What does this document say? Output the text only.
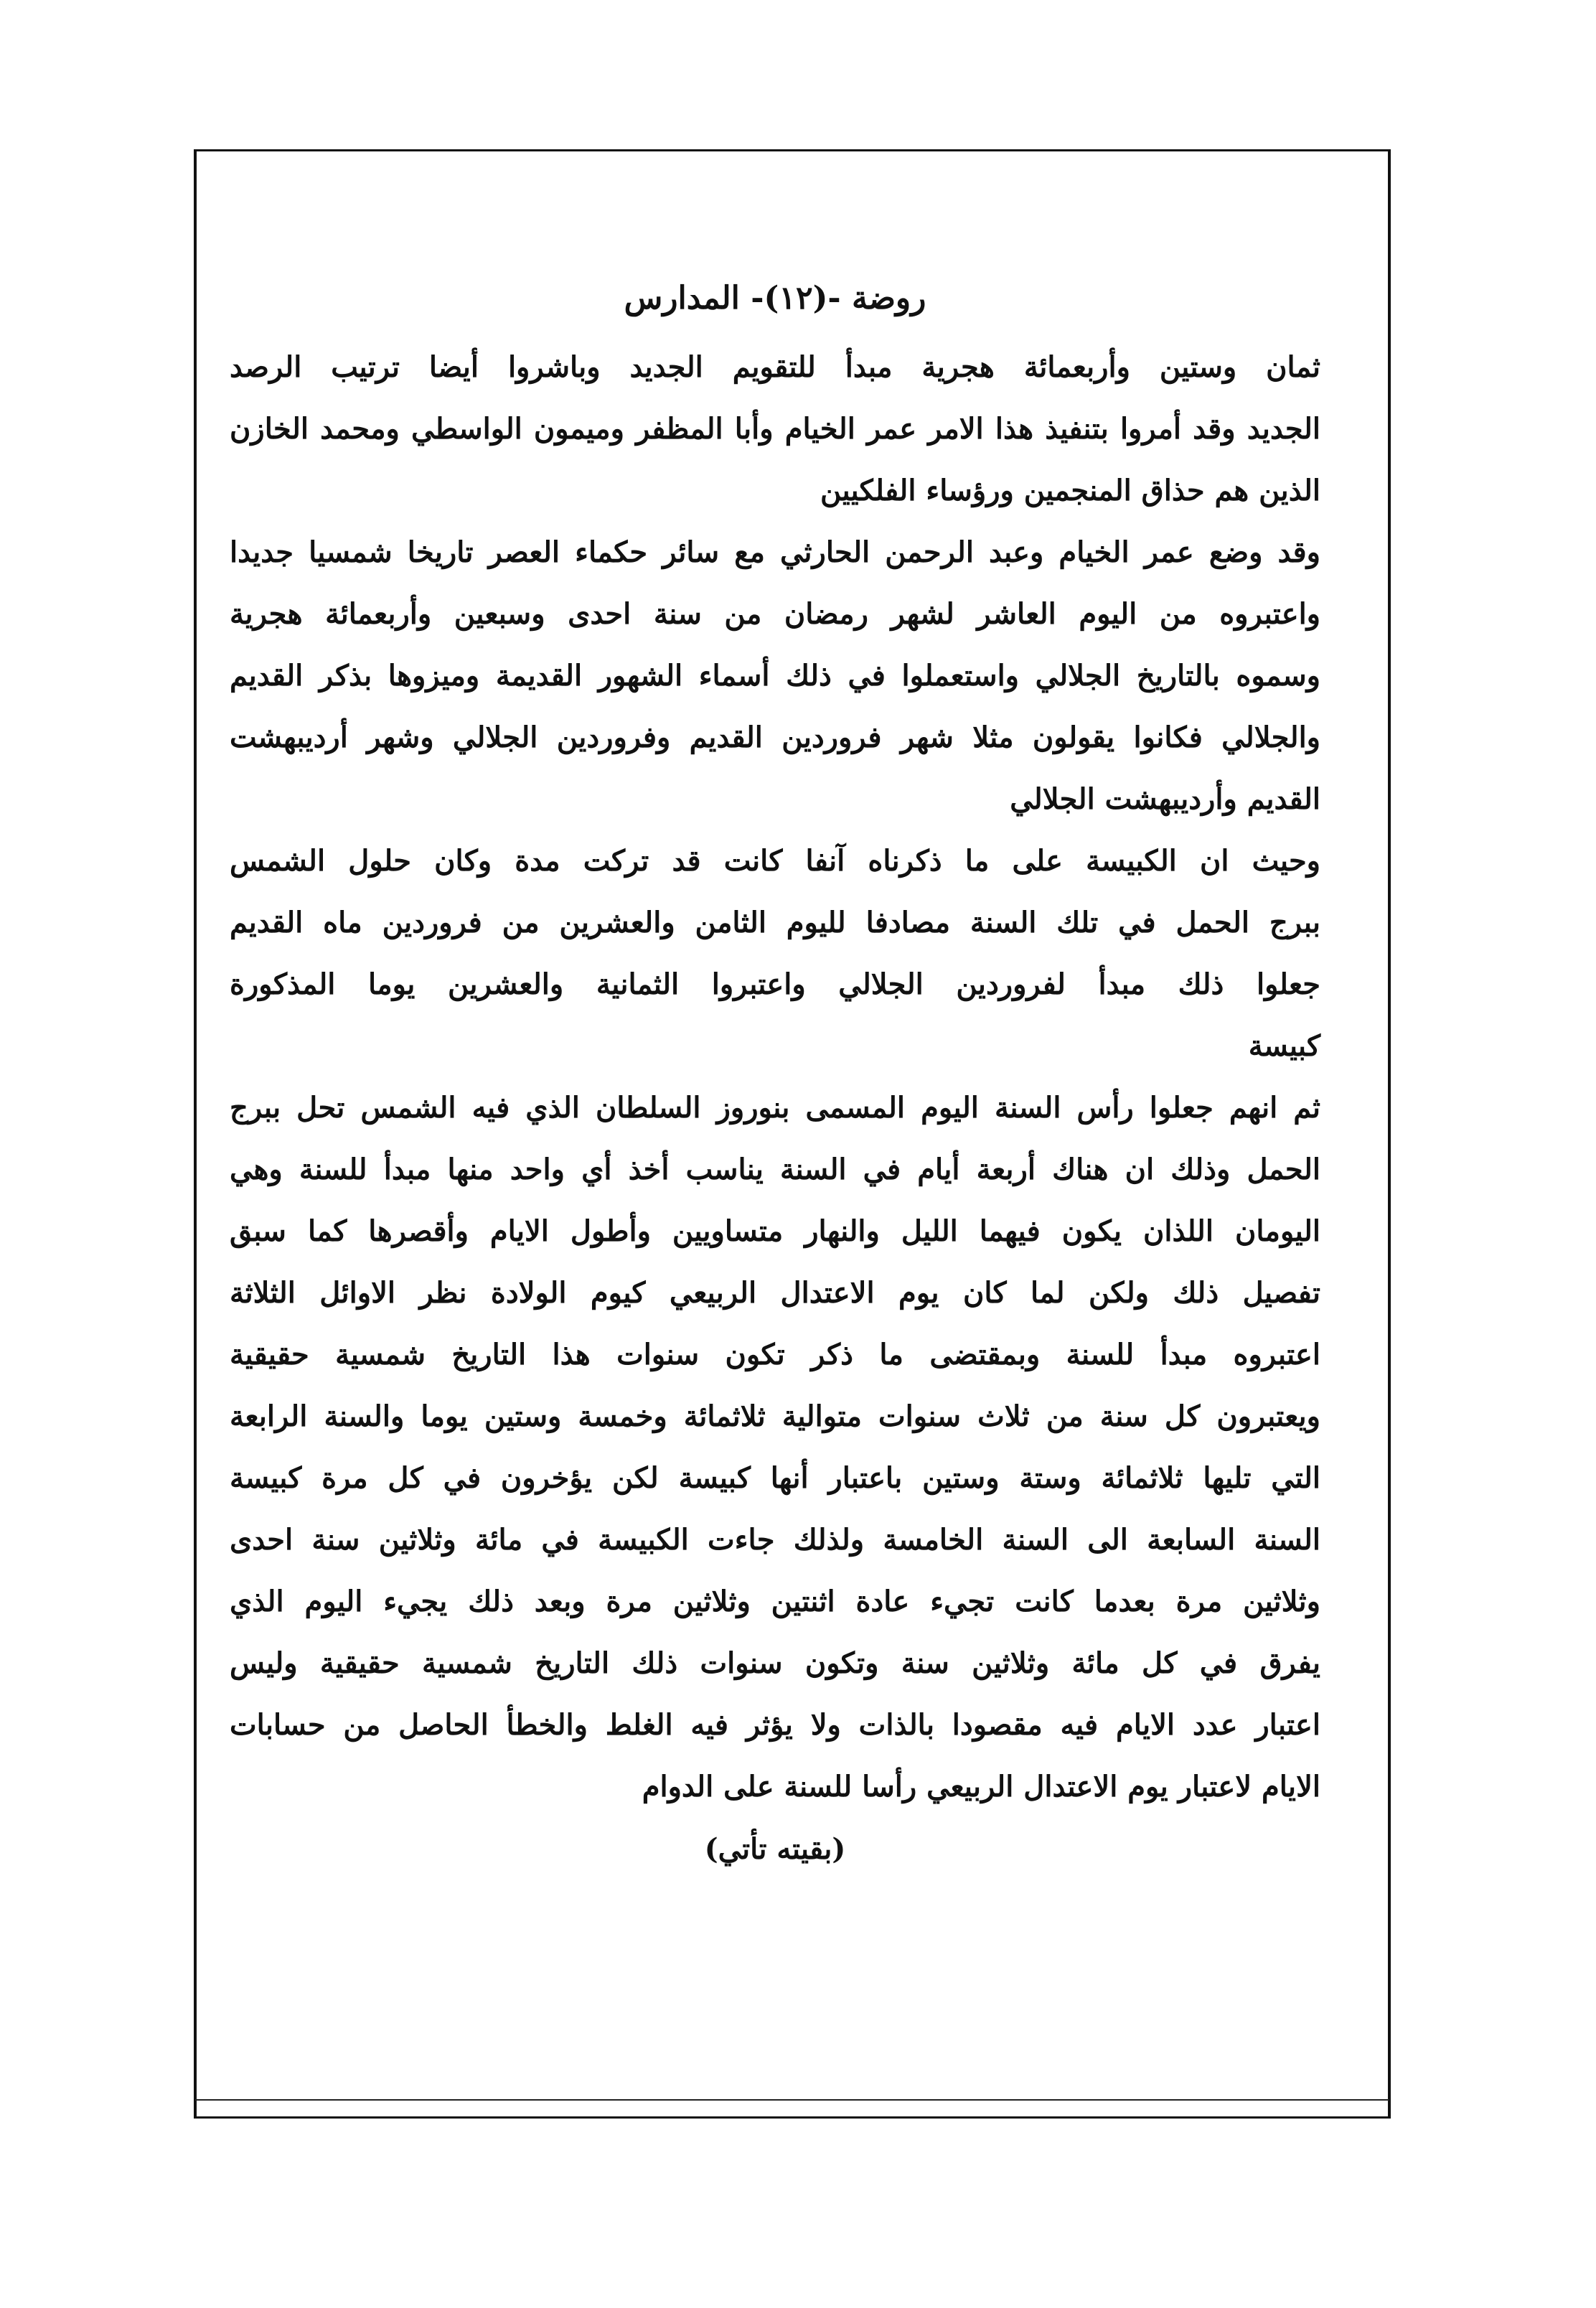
روضة -(١٢)- المدارس
ثمان وستين وأربعمائة هجرية مبدأ للتقويم الجديد وباشروا أيضا ترتيب الرصد
الجديد وقد أمروا بتنفيذ هذا الامر عمر الخيام وأبا المظفر وميمون الواسطي ومحمد الخازن
الذين هم حذاق المنجمين ورؤساء الفلكيين
وقد وضع عمر الخيام وعبد الرحمن الحارثي مع سائر حكماء العصر تاريخا شمسيا جديدا
واعتبروه من اليوم العاشر لشهر رمضان من سنة احدى وسبعين وأربعمائة هجرية
وسموه بالتاريخ الجلالي واستعملوا في ذلك أسماء الشهور القديمة وميزوها بذكر القديم
والجلالي فكانوا يقولون مثلا شهر فروردين القديم وفروردين الجلالي وشهر أرديبهشت
القديم وأرديبهشت الجلالي
وحيث ان الكبيسة على ما ذكرناه آنفا كانت قد تركت مدة وكان حلول الشمس
ببرج الحمل في تلك السنة مصادفا لليوم الثامن والعشرين من فروردين ماه القديم
جعلوا ذلك مبدأ لفروردين الجلالي واعتبروا الثمانية والعشرين يوما المذكورة
كبيسة
ثم انهم جعلوا رأس السنة اليوم المسمى بنوروز السلطان الذي فيه الشمس تحل ببرج
الحمل وذلك ان هناك أربعة أيام في السنة يناسب أخذ أي واحد منها مبدأ للسنة وهي
اليومان اللذان يكون فيهما الليل والنهار متساويين وأطول الايام وأقصرها كما سبق
تفصيل ذلك ولكن لما كان يوم الاعتدال الربيعي كيوم الولادة نظر الاوائل الثلاثة
اعتبروه مبدأ للسنة وبمقتضى ما ذكر تكون سنوات هذا التاريخ شمسية حقيقية
ويعتبرون كل سنة من ثلاث سنوات متوالية ثلاثمائة وخمسة وستين يوما والسنة الرابعة
التي تليها ثلاثمائة وستة وستين باعتبار أنها كبيسة لكن يؤخرون في كل مرة كبيسة
السنة السابعة الى السنة الخامسة ولذلك جاءت الكبيسة في مائة وثلاثين سنة احدى
وثلاثين مرة بعدما كانت تجيء عادة اثنتين وثلاثين مرة وبعد ذلك يجيء اليوم الذي
يفرق في كل مائة وثلاثين سنة وتكون سنوات ذلك التاريخ شمسية حقيقية وليس
اعتبار عدد الايام فيه مقصودا بالذات ولا يؤثر فيه الغلط والخطأ الحاصل من حسابات
الايام لاعتبار يوم الاعتدال الربيعي رأسا للسنة على الدوام
(بقيته تأتي)
